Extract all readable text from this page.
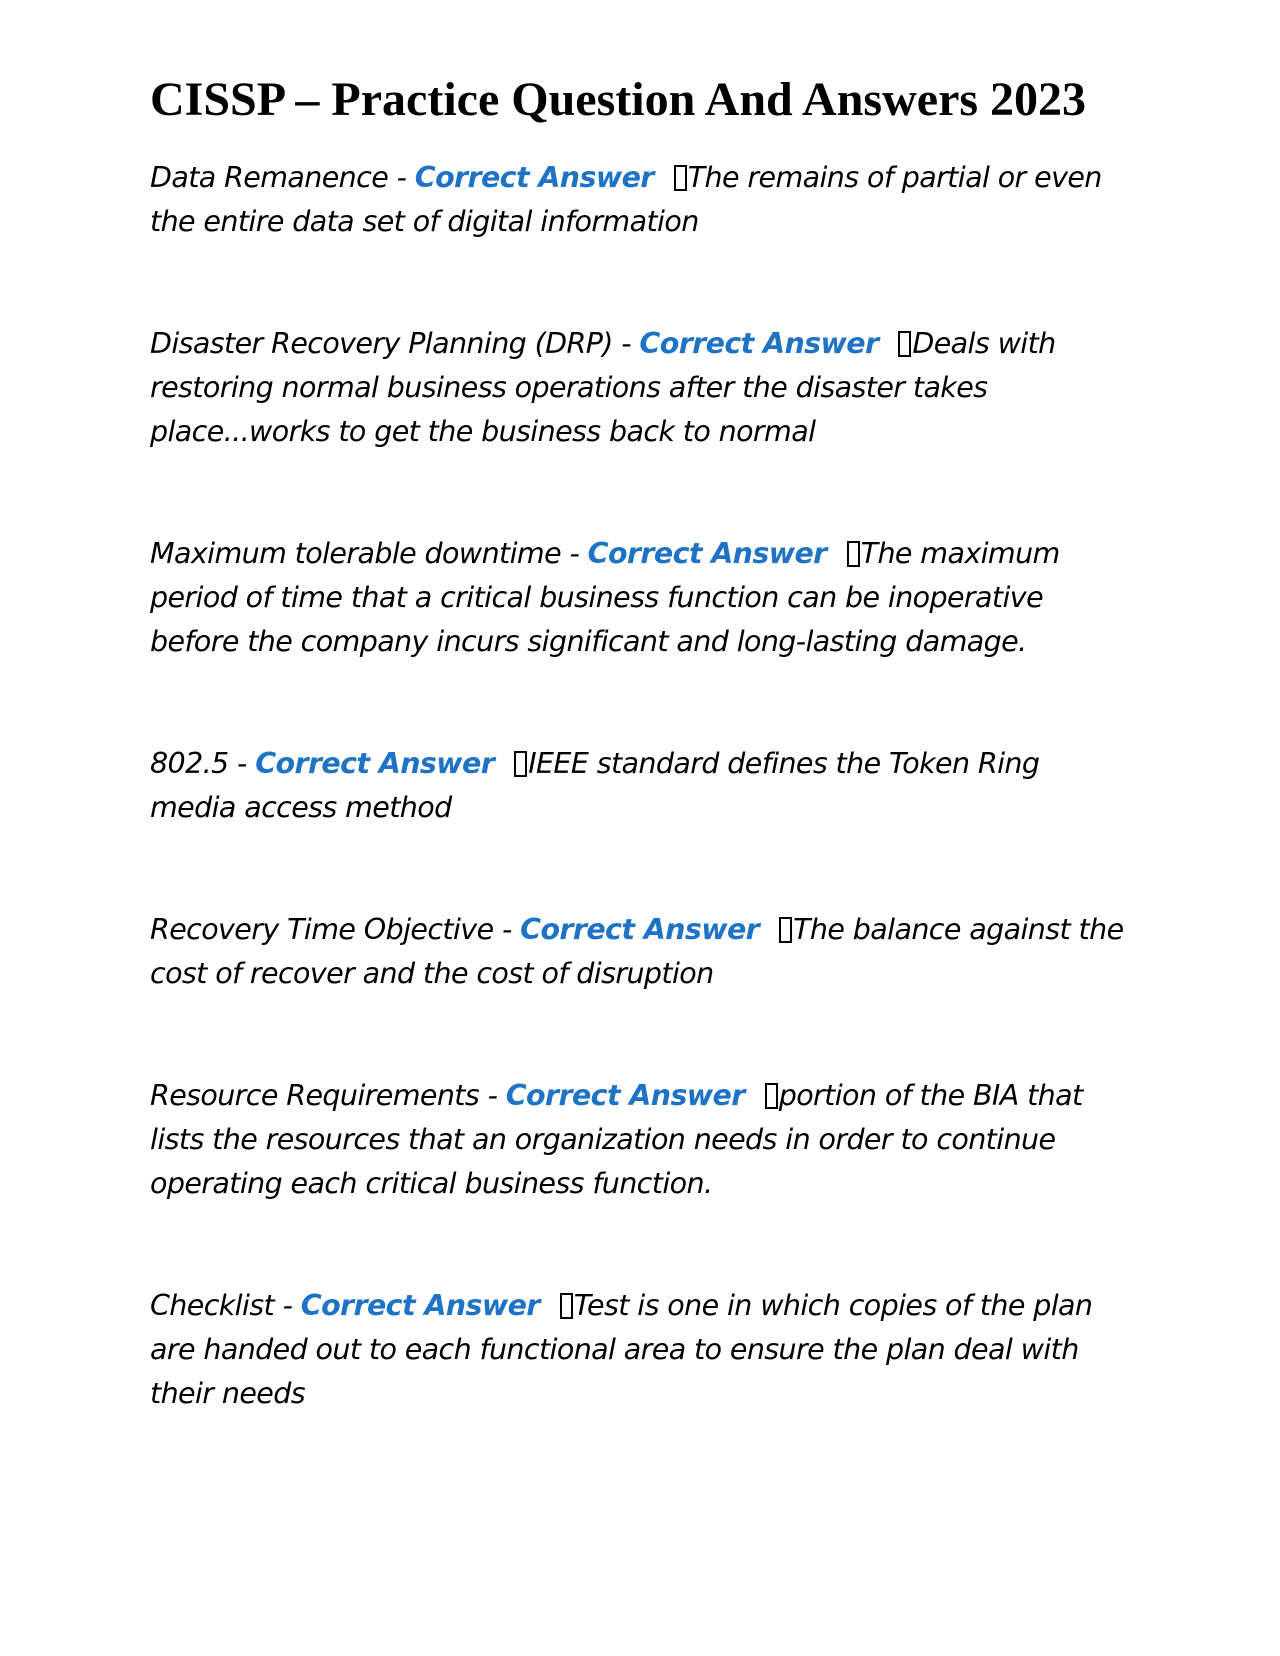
CISSP – Practice Question And Answers 2023
Data Remanence - Correct Answer The remains of partial or even the entire data set of digital information
Disaster Recovery Planning (DRP) - Correct Answer Deals with restoring normal business operations after the disaster takes place...works to get the business back to normal
Maximum tolerable downtime - Correct Answer The maximum period of time that a critical business function can be inoperative before the company incurs significant and long-lasting damage.
802.5 - Correct Answer IEEE standard defines the Token Ring media access method
Recovery Time Objective - Correct Answer The balance against the cost of recover and the cost of disruption
Resource Requirements - Correct Answer portion of the BIA that lists the resources that an organization needs in order to continue operating each critical business function.
Checklist - Correct Answer Test is one in which copies of the plan are handed out to each functional area to ensure the plan deal with their needs
